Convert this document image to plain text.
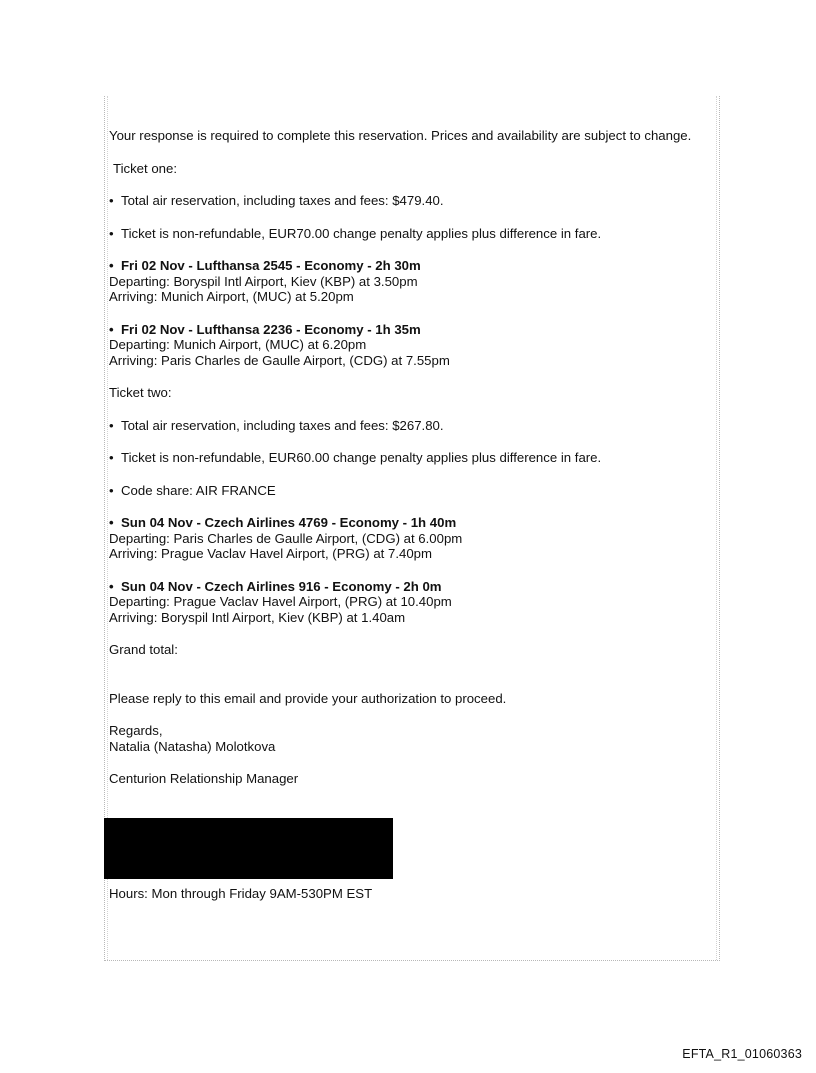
Your response is required to complete this reservation. Prices and availability are subject to change.

Ticket one:

• Total air reservation, including taxes and fees: $479.40.

• Ticket is non-refundable, EUR70.00 change penalty applies plus difference in fare.

• Fri 02 Nov - Lufthansa 2545 - Economy - 2h 30m

Departing: Boryspil Intl Airport, Kiev (KBP) at 3.50pm

Arriving: Munich Airport, (MUC) at 5.20pm

• Fri 02 Nov - Lufthansa 2236 - Economy - 1h 35m

Departing: Munich Airport, (MUC) at 6.20pm

Arriving: Paris Charles de Gaulle Airport, (CDG) at 7.55pm

Ticket two:

• Total air reservation, including taxes and fees: $267.80.

• Ticket is non-refundable, EUR60.00 change penalty applies plus difference in fare.

• Code share: AIR FRANCE

• Sun 04 Nov - Czech Airlines 4769 - Economy - 1h 40m

Departing: Paris Charles de Gaulle Airport, (CDG) at 6.00pm

Arriving: Prague Vaclav Havel Airport, (PRG) at 7.40pm

• Sun 04 Nov - Czech Airlines 916 - Economy - 2h 0m

Departing: Prague Vaclav Havel Airport, (PRG) at 10.40pm

Arriving: Boryspil Intl Airport, Kiev (KBP) at 1.40am

Grand total:

Please reply to this email and provide your authorization to proceed.

Regards,

Natalia (Natasha) Molotkova

Centurion Relationship Manager

Hours: Mon through Friday 9AM-530PM EST

EFTA_R1_01060363
